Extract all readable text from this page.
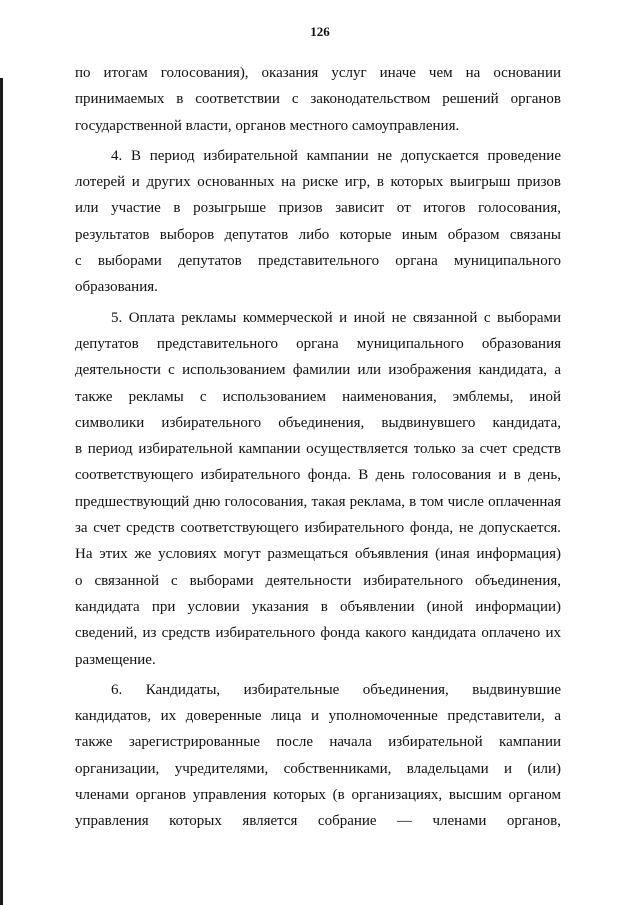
126
по итогам голосования), оказания услуг иначе чем на основании
принимаемых в соответствии с законодательством решений органов
государственной власти, органов местного самоуправления.
4. В период избирательной кампании не допускается проведение
лотерей и других основанных на риске игр, в которых выигрыш призов
или участие в розыгрыше призов зависит от итогов голосования,
результатов выборов депутатов либо которые иным образом связаны
с выборами депутатов представительного органа муниципального
образования.
5. Оплата рекламы коммерческой и иной не связанной с выборами
депутатов представительного органа муниципального образования
деятельности с использованием фамилии или изображения кандидата, а
также рекламы с использованием наименования, эмблемы, иной
символики избирательного объединения, выдвинувшего кандидата,
в период избирательной кампании осуществляется только за счет средств
соответствующего избирательного фонда. В день голосования и в день,
предшествующий дню голосования, такая реклама, в том числе оплаченная
за счет средств соответствующего избирательного фонда, не допускается.
На этих же условиях могут размещаться объявления (иная информация)
о связанной с выборами деятельности избирательного объединения,
кандидата при условии указания в объявлении (иной информации)
сведений, из средств избирательного фонда какого кандидата оплачено их
размещение.
6. Кандидаты, избирательные объединения, выдвинувшие
кандидатов, их доверенные лица и уполномоченные представители, а
также зарегистрированные после начала избирательной кампании
организации, учредителями, собственниками, владельцами и (или)
членами органов управления которых (в организациях, высшим органом
управления которых является собрание — членами органов,
